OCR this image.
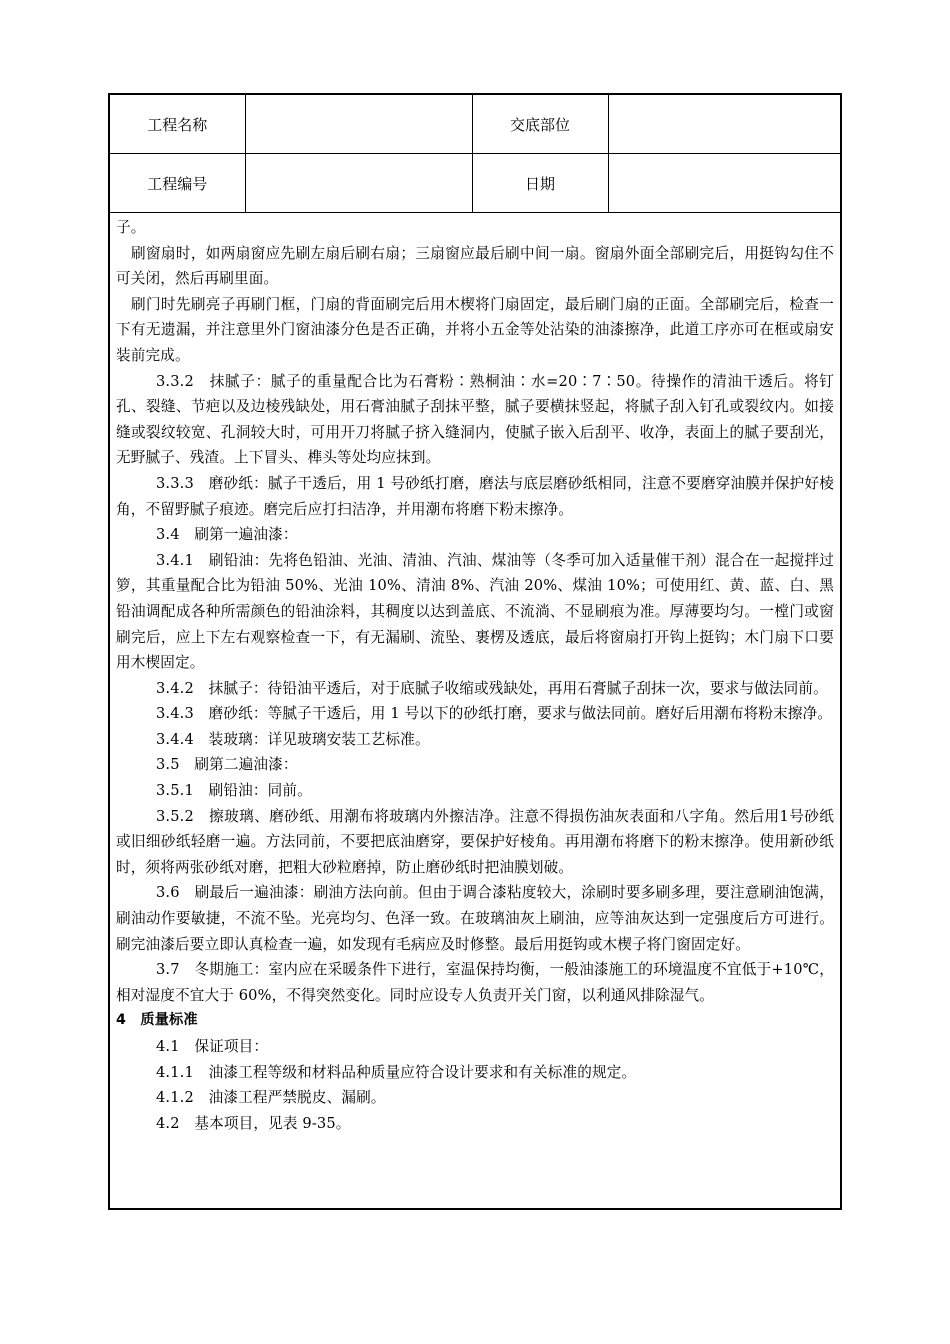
工程名称		交底部位	
工程编号		日期	

子。

刷窗扇时，如两扇窗应先刷左扇后刷右扇；三扇窗应最后刷中间一扇。窗扇外面全部刷完后，用挺钩勾住不可关闭，然后再刷里面。

刷门时先刷亮子再刷门框，门扇的背面刷完后用木楔将门扇固定，最后刷门扇的正面。全部刷完后，检查一下有无遗漏，并注意里外门窗油漆分色是否正确，并将小五金等处沾染的油漆擦净，此道工序亦可在框或扇安装前完成。

3.3.2　抹腻子：腻子的重量配合比为石膏粉∶熟桐油∶水=20∶7∶50。待操作的清油干透后。将钉孔、裂缝、节疤以及边棱残缺处，用石膏油腻子刮抹平整，腻子要横抹竖起，将腻子刮入钉孔或裂纹内。如接缝或裂纹较宽、孔洞较大时，可用开刀将腻子挤入缝洞内，使腻子嵌入后刮平、收净，表面上的腻子要刮光，无野腻子、残渣。上下冒头、榫头等处均应抹到。

3.3.3　磨砂纸：腻子干透后，用 1 号砂纸打磨，磨法与底层磨砂纸相同，注意不要磨穿油膜并保护好棱角，不留野腻子痕迹。磨完后应打扫洁净，并用潮布将磨下粉末擦净。

3.4　刷第一遍油漆：

3.4.1　刷铅油：先将色铅油、光油、清油、汽油、煤油等（冬季可加入适量催干剂）混合在一起搅拌过箩，其重量配合比为铅油 50%、光油 10%、清油 8%、汽油 20%、煤油 10%；可使用红、黄、蓝、白、黑铅油调配成各种所需颜色的铅油涂料，其稠度以达到盖底、不流淌、不显刷痕为准。厚薄要均匀。一樘门或窗刷完后，应上下左右观察检查一下，有无漏刷、流坠、裹楞及透底，最后将窗扇打开钩上挺钩；木门扇下口要用木楔固定。

3.4.2　抹腻子：待铅油平透后，对于底腻子收缩或残缺处，再用石膏腻子刮抹一次，要求与做法同前。

3.4.3　磨砂纸：等腻子干透后，用 1 号以下的砂纸打磨，要求与做法同前。磨好后用潮布将粉末擦净。

3.4.4　装玻璃：详见玻璃安装工艺标准。

3.5　刷第二遍油漆：

3.5.1　刷铅油：同前。

3.5.2　擦玻璃、磨砂纸、用潮布将玻璃内外擦洁净。注意不得损伤油灰表面和八字角。然后用1号砂纸或旧细砂纸轻磨一遍。方法同前，不要把底油磨穿，要保护好棱角。再用潮布将磨下的粉末擦净。使用新砂纸时，须将两张砂纸对磨，把粗大砂粒磨掉，防止磨砂纸时把油膜划破。

3.6　刷最后一遍油漆：刷油方法向前。但由于调合漆粘度较大，涂刷时要多刷多理，要注意刷油饱满，刷油动作要敏捷，不流不坠。光亮均匀、色泽一致。在玻璃油灰上刷油，应等油灰达到一定强度后方可进行。刷完油漆后要立即认真检查一遍，如发现有毛病应及时修整。最后用挺钩或木楔子将门窗固定好。

3.7　冬期施工：室内应在采暖条件下进行，室温保持均衡，一般油漆施工的环境温度不宜低于+10℃，相对湿度不宜大于 60%，不得突然变化。同时应设专人负责开关门窗，以利通风排除湿气。

4　质量标准

4.1　保证项目：

4.1.1　油漆工程等级和材料品种质量应符合设计要求和有关标准的规定。

4.1.2　油漆工程严禁脱皮、漏刷。

4.2　基本项目，见表 9-35。
